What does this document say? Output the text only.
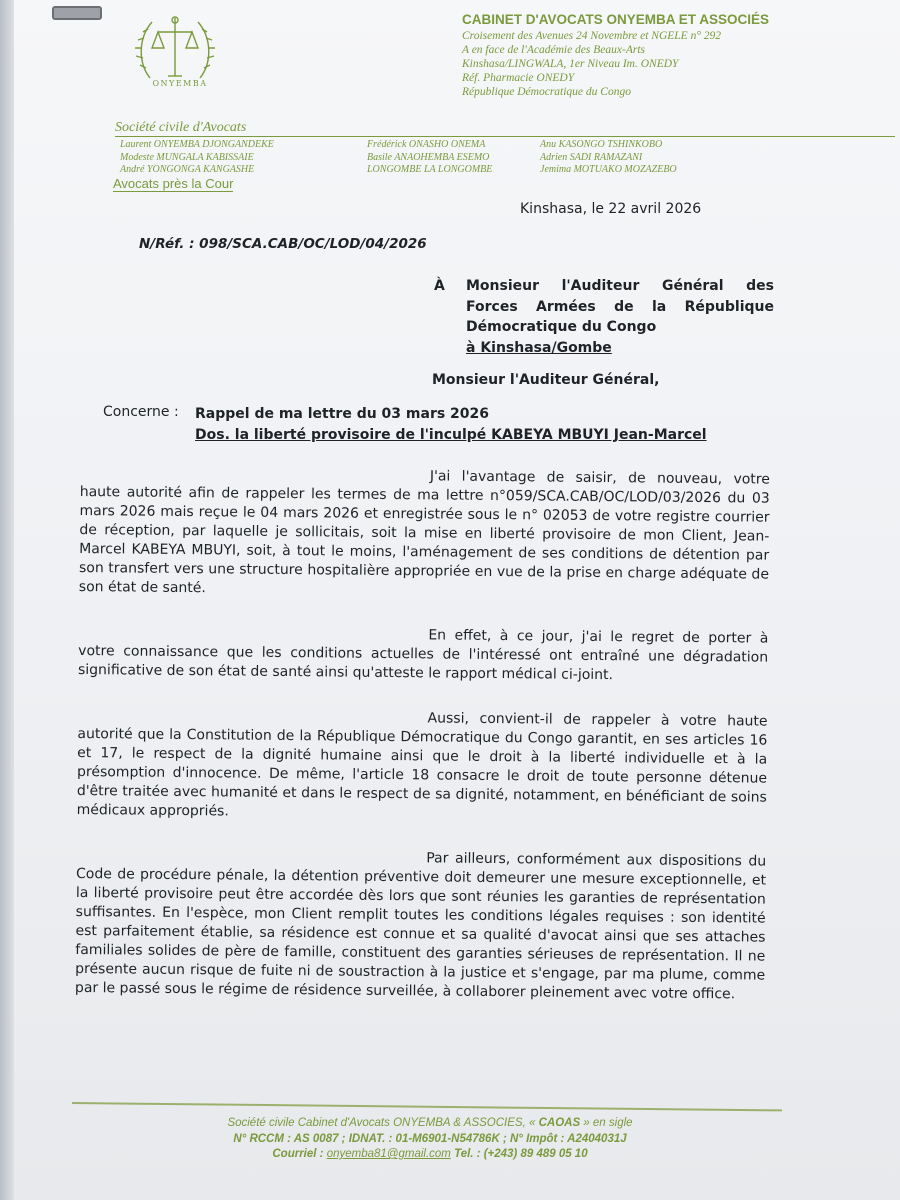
ONYEMBA
CABINET D'AVOCATS ONYEMBA ET ASSOCIÉS
Croisement des Avenues 24 Novembre et NGELE n° 292
A en face de l'Académie des Beaux-Arts
Kinshasa/LINGWALA, 1er Niveau Im. ONEDY
Réf. Pharmacie ONEDY
République Démocratique du Congo
Société civile d'Avocats
Laurent ONYEMBA DJONGANDEKE
Modeste MUNGALA KABISSAIE
André YONGONGA KANGASHE
Frédérick ONASHO ONEMA
Basile ANAOHEMBA ESEMO
LONGOMBE LA LONGOMBE
Anu KASONGO TSHINKOBO
Adrien SADI RAMAZANI
Jemima MOTUAKO MOZAZEBO
Avocats près la Cour
Kinshasa, le 22 avril 2026
N/Réf. : 098/SCA.CAB/OC/LOD/04/2026
À Monsieur l'Auditeur Général des Forces Armées de la République Démocratique du Congo
à Kinshasa/Gombe
Monsieur l'Auditeur Général,
Concerne : Rappel de ma lettre du 03 mars 2026
Dos. la liberté provisoire de l'inculpé KABEYA MBUYI Jean-Marcel

J'ai l'avantage de saisir, de nouveau, votre haute autorité afin de rappeler les termes de ma lettre n°059/SCA.CAB/OC/LOD/03/2026 du 03 mars 2026 mais reçue le 04 mars 2026 et enregistrée sous le n° 02053 de votre registre courrier de réception, par laquelle je sollicitais, soit la mise en liberté provisoire de mon Client, Jean-Marcel KABEYA MBUYI, soit, à tout le moins, l'aménagement de ses conditions de détention par son transfert vers une structure hospitalière appropriée en vue de la prise en charge adéquate de son état de santé.

En effet, à ce jour, j'ai le regret de porter à votre connaissance que les conditions actuelles de l'intéressé ont entraîné une dégradation significative de son état de santé ainsi qu'atteste le rapport médical ci-joint.

Aussi, convient-il de rappeler à votre haute autorité que la Constitution de la République Démocratique du Congo garantit, en ses articles 16 et 17, le respect de la dignité humaine ainsi que le droit à la liberté individuelle et à la présomption d'innocence. De même, l'article 18 consacre le droit de toute personne détenue d'être traitée avec humanité et dans le respect de sa dignité, notamment, en bénéficiant de soins médicaux appropriés.

Par ailleurs, conformément aux dispositions du Code de procédure pénale, la détention préventive doit demeurer une mesure exceptionnelle, et la liberté provisoire peut être accordée dès lors que sont réunies les garanties de représentation suffisantes. En l'espèce, mon Client remplit toutes les conditions légales requises : son identité est parfaitement établie, sa résidence est connue et sa qualité d'avocat ainsi que ses attaches familiales solides de père de famille, constituent des garanties sérieuses de représentation. Il ne présente aucun risque de fuite ni de soustraction à la justice et s'engage, par ma plume, comme par le passé sous le régime de résidence surveillée, à collaborer pleinement avec votre office.

Société civile Cabinet d'Avocats ONYEMBA & ASSOCIES, « CAOAS » en sigle
N° RCCM : AS 0087 ; IDNAT. : 01-M6901-N54786K ; N° Impôt : A2404031J
Courriel : onyemba81@gmail.com Tel. : (+243) 89 489 05 10
